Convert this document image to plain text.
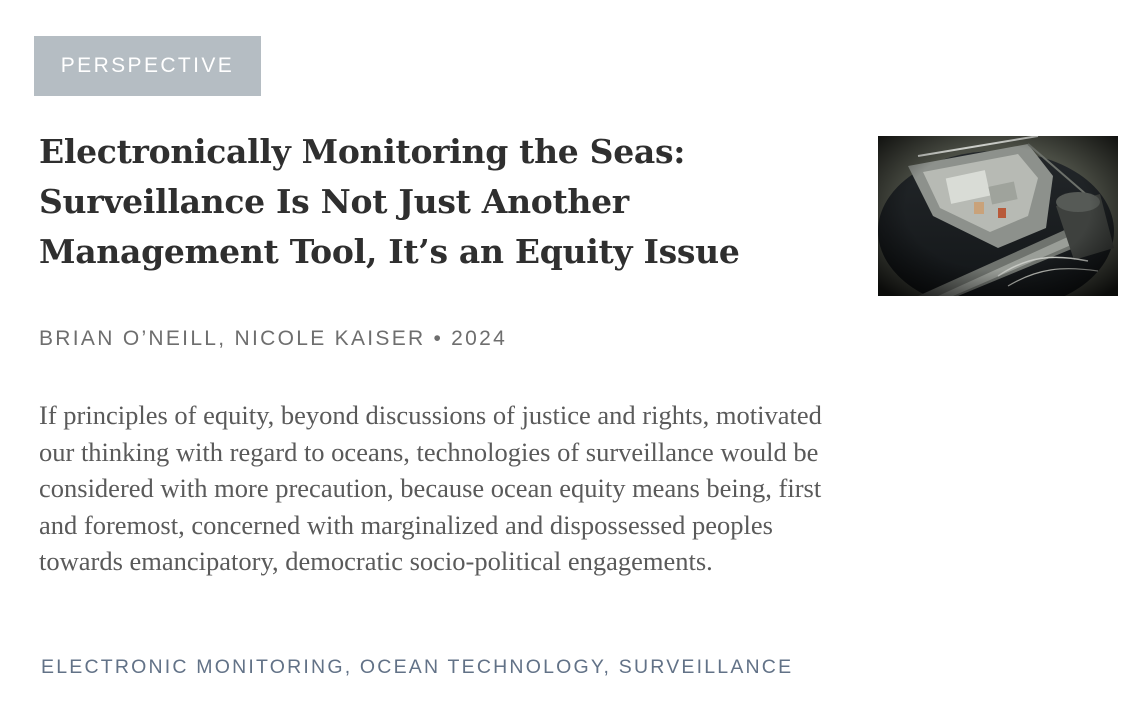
PERSPECTIVE
Electronically Monitoring the Seas: Surveillance Is Not Just Another Management Tool, It’s an Equity Issue
BRIAN O’NEILL, NICOLE KAISER • 2024

If principles of equity, beyond discussions of justice and rights, motivated our thinking with regard to oceans, technologies of surveillance would be considered with more precaution, because ocean equity means being, first and foremost, concerned with marginalized and dispossessed peoples towards emancipatory, democratic socio-political engagements.

ELECTRONIC MONITORING, OCEAN TECHNOLOGY, SURVEILLANCE
